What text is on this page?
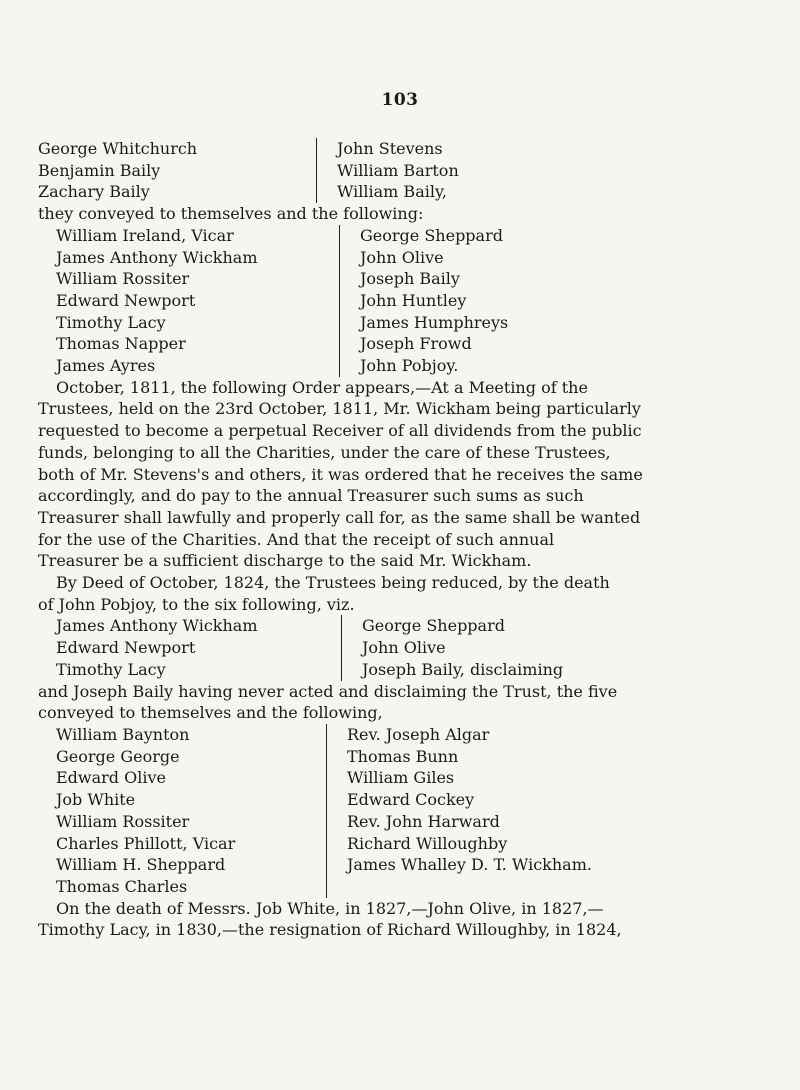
103
George Whitchurch
Benjamin Baily
Zachary Baily
John Stevens
William Barton
William Baily,
they conveyed to themselves and the following:
William Ireland, Vicar
James Anthony Wickham
William Rossiter
Edward Newport
Timothy Lacy
Thomas Napper
James Ayres
George Sheppard
John Olive
Joseph Baily
John Huntley
James Humphreys
Joseph Frowd
John Pobjoy.
October, 1811, the following Order appears,—At a Meeting of the
Trustees, held on the 23rd October, 1811, Mr. Wickham being particularly
requested to become a perpetual Receiver of all dividends from the public
funds, belonging to all the Charities, under the care of these Trustees,
both of Mr. Stevens's and others, it was ordered that he receives the same
accordingly, and do pay to the annual Treasurer such sums as such
Treasurer shall lawfully and properly call for, as the same shall be wanted
for the use of the Charities. And that the receipt of such annual
Treasurer be a sufficient discharge to the said Mr. Wickham.
By Deed of October, 1824, the Trustees being reduced, by the death
of John Pobjoy, to the six following, viz.
James Anthony Wickham
Edward Newport
Timothy Lacy
George Sheppard
John Olive
Joseph Baily, disclaiming
and Joseph Baily having never acted and disclaiming the Trust, the five
conveyed to themselves and the following,
William Baynton
George George
Edward Olive
Job White
William Rossiter
Charles Phillott, Vicar
William H. Sheppard
Thomas Charles
Rev. Joseph Algar
Thomas Bunn
William Giles
Edward Cockey
Rev. John Harward
Richard Willoughby
James Whalley D. T. Wickham.

On the death of Messrs. Job White, in 1827,—John Olive, in 1827,—
Timothy Lacy, in 1830,—the resignation of Richard Willoughby, in 1824,
